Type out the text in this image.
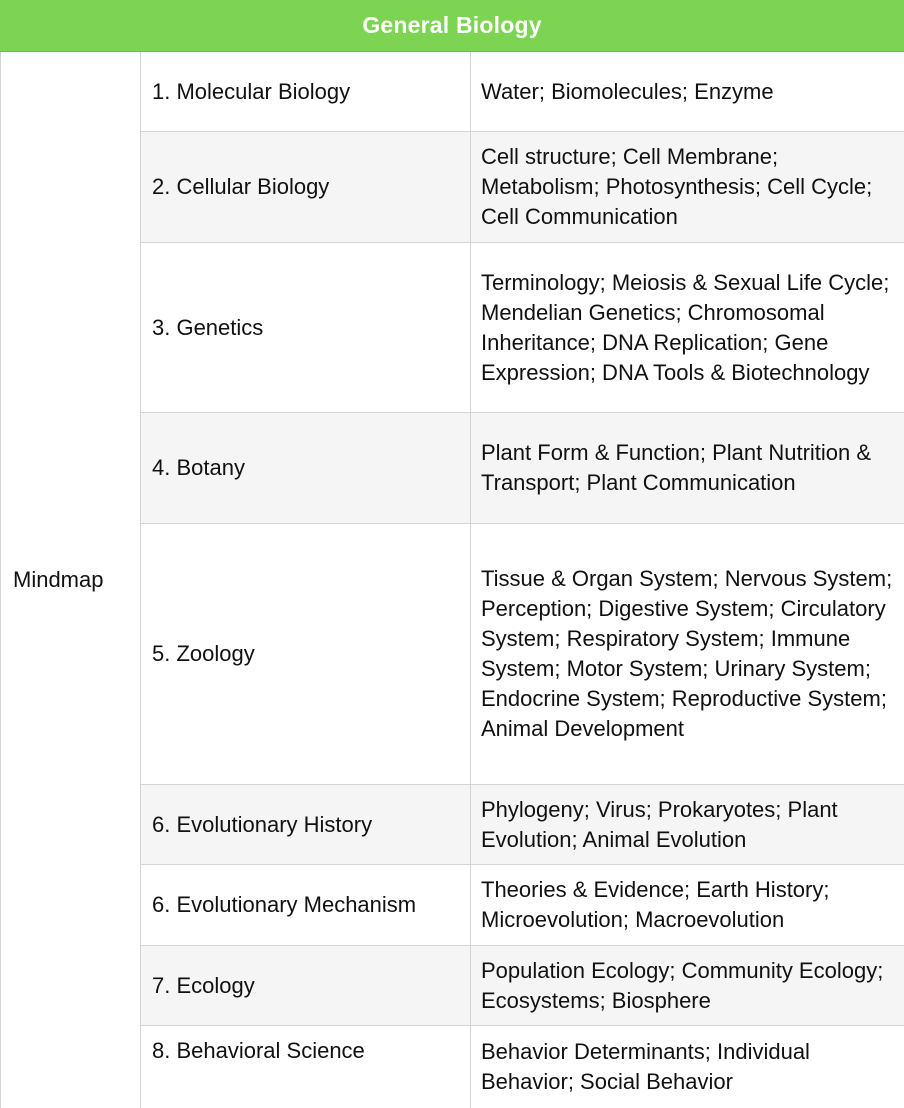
General Biology
Mindmap
1. Molecular Biology	Water; Biomolecules; Enzyme
2. Cellular Biology
Cell structure; Cell Membrane; Metabolism; Photosynthesis; Cell Cycle; Cell Communication
3. Genetics
Terminology; Meiosis & Sexual Life Cycle; Mendelian Genetics; Chromosomal Inheritance; DNA Replication; Gene Expression; DNA Tools & Biotechnology
4. Botany
Plant Form & Function; Plant Nutrition & Transport; Plant Communication
5. Zoology
Tissue & Organ System; Nervous System; Perception; Digestive System; Circulatory System; Respiratory System; Immune System; Motor System; Urinary System; Endocrine System; Reproductive System; Animal Development
6. Evolutionary History
Phylogeny; Virus; Prokaryotes; Plant Evolution; Animal Evolution
6. Evolutionary Mechanism
Theories & Evidence; Earth History; Microevolution; Macroevolution
7. Ecology
Population Ecology; Community Ecology; Ecosystems; Biosphere
8. Behavioral Science	Behavior Determinants; Individual Behavior; Social Behavior
